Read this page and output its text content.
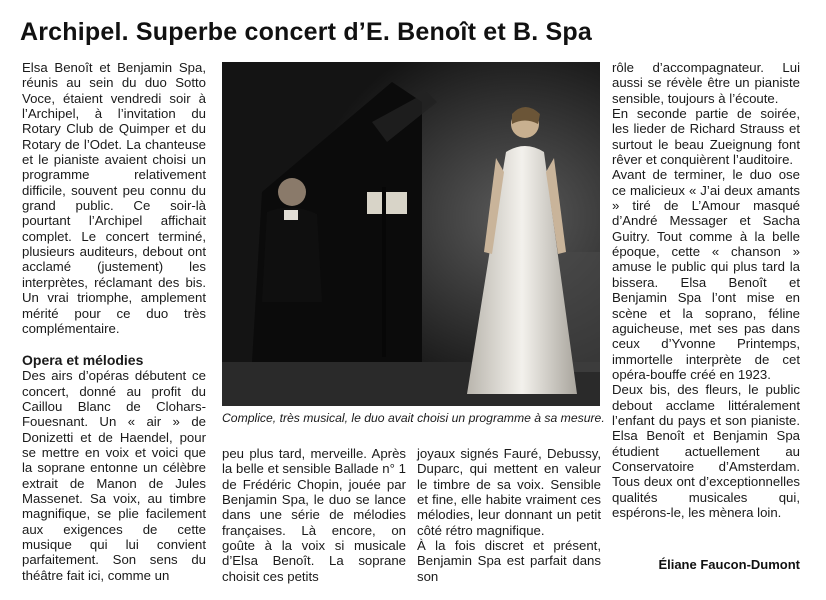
Archipel. Superbe concert d’E. Benoît et B. Spa

Elsa Benoît et Benjamin Spa, réunis au sein du duo Sotto Voce, étaient vendredi soir à l’Archipel, à l’invitation du Rotary Club de Quimper et du Rotary de l’Odet. La chanteuse et le pianiste avaient choisi un programme relativement difficile, souvent peu connu du grand public. Ce soir-là pourtant l’Archipel affichait complet. Le concert terminé, plusieurs auditeurs, debout ont acclamé (justement) les interprètes, réclamant des bis. Un vrai triomphe, amplement mérité pour ce duo très complémentaire.

Opera et mélodies

Des airs d’opéras débutent ce concert, donné au profit du Caillou Blanc de Clohars-Fouesnant. Un « air » de Donizetti et de Haendel, pour se mettre en voix et voici que la soprane entonne un célèbre extrait de Manon de Jules Massenet. Sa voix, au timbre magnifique, se plie facilement aux exigences de cette musique qui lui convient parfaitement. Son sens du théâtre fait ici, comme un

Complice, très musical, le duo avait choisi un programme à sa mesure.

peu plus tard, merveille. Après la belle et sensible Ballade n° 1 de Frédéric Chopin, jouée par Benjamin Spa, le duo se lance dans une série de mélodies françaises. Là encore, on goûte à la voix si musicale d’Elsa Benoît. La soprane choisit ces petits

joyaux signés Fauré, Debussy, Duparc, qui mettent en valeur le timbre de sa voix. Sensible et fine, elle habite vraiment ces mélodies, leur donnant un petit côté rétro magnifique.

À la fois discret et présent, Benjamin Spa est parfait dans son

rôle d’accompagnateur. Lui aussi se révèle être un pianiste sensible, toujours à l’écoute.

En seconde partie de soirée, les lieder de Richard Strauss et surtout le beau Zueignung font rêver et conquièrent l’auditoire.

Avant de terminer, le duo ose ce malicieux « J’ai deux amants » tiré de L’Amour masqué d’André Messager et Sacha Guitry. Tout comme à la belle époque, cette « chanson » amuse le public qui plus tard la bissera. Elsa Benoît et Benjamin Spa l’ont mise en scène et la soprano, féline aguicheuse, met ses pas dans ceux d’Yvonne Printemps, immortelle interprète de cet opéra-bouffe créé en 1923.

Deux bis, des fleurs, le public debout acclame littéralement l’enfant du pays et son pianiste. Elsa Benoît et Benjamin Spa étudient actuellement au Conservatoire d’Amsterdam. Tous deux ont d’exceptionnelles qualités musicales qui, espérons-le, les mènera loin.

Éliane Faucon-Dumont
